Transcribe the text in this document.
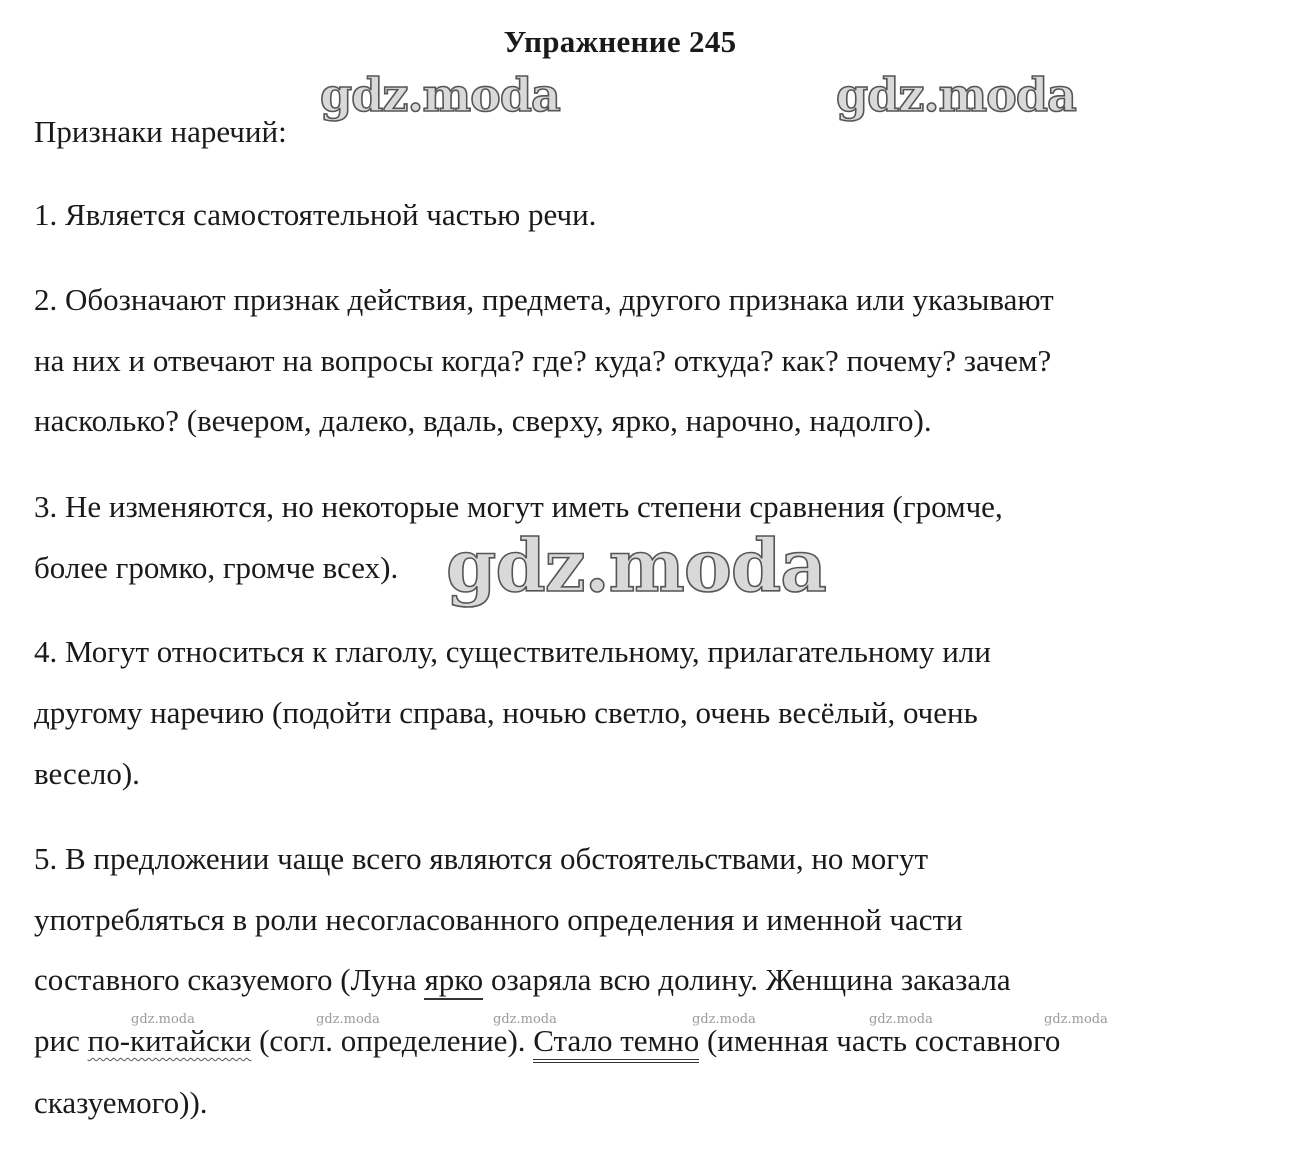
Упражнение 245
gdz.moda	gdz.moda
Признаки наречий:
1. Является самостоятельной частью речи.
2. Обозначают признак действия, предмета, другого признака или указывают
на них и отвечают на вопросы когда? где? куда? откуда? как? почему? зачем?
насколько? (вечером, далеко, вдаль, сверху, ярко, нарочно, надолго).
3. Не изменяются, но некоторые могут иметь степени сравнения (громче,
более громко, громче всех).
4. Могут относиться к глаголу, существительному, прилагательному или
другому наречию (подойти справа, ночью светло, очень весёлый, очень
весело).
5. В предложении чаще всего являются обстоятельствами, но могут
употребляться в роли несогласованного определения и именной части
составного сказуемого (Луна ярко озаряла всю долину. Женщина заказала
рис по-китайски (согл. определение). Стало темно (именная часть составного
сказуемого)).
gdz.moda
gdz.moda	gdz.moda	gdz.moda	gdz.moda	gdz.moda	gdz.moda
